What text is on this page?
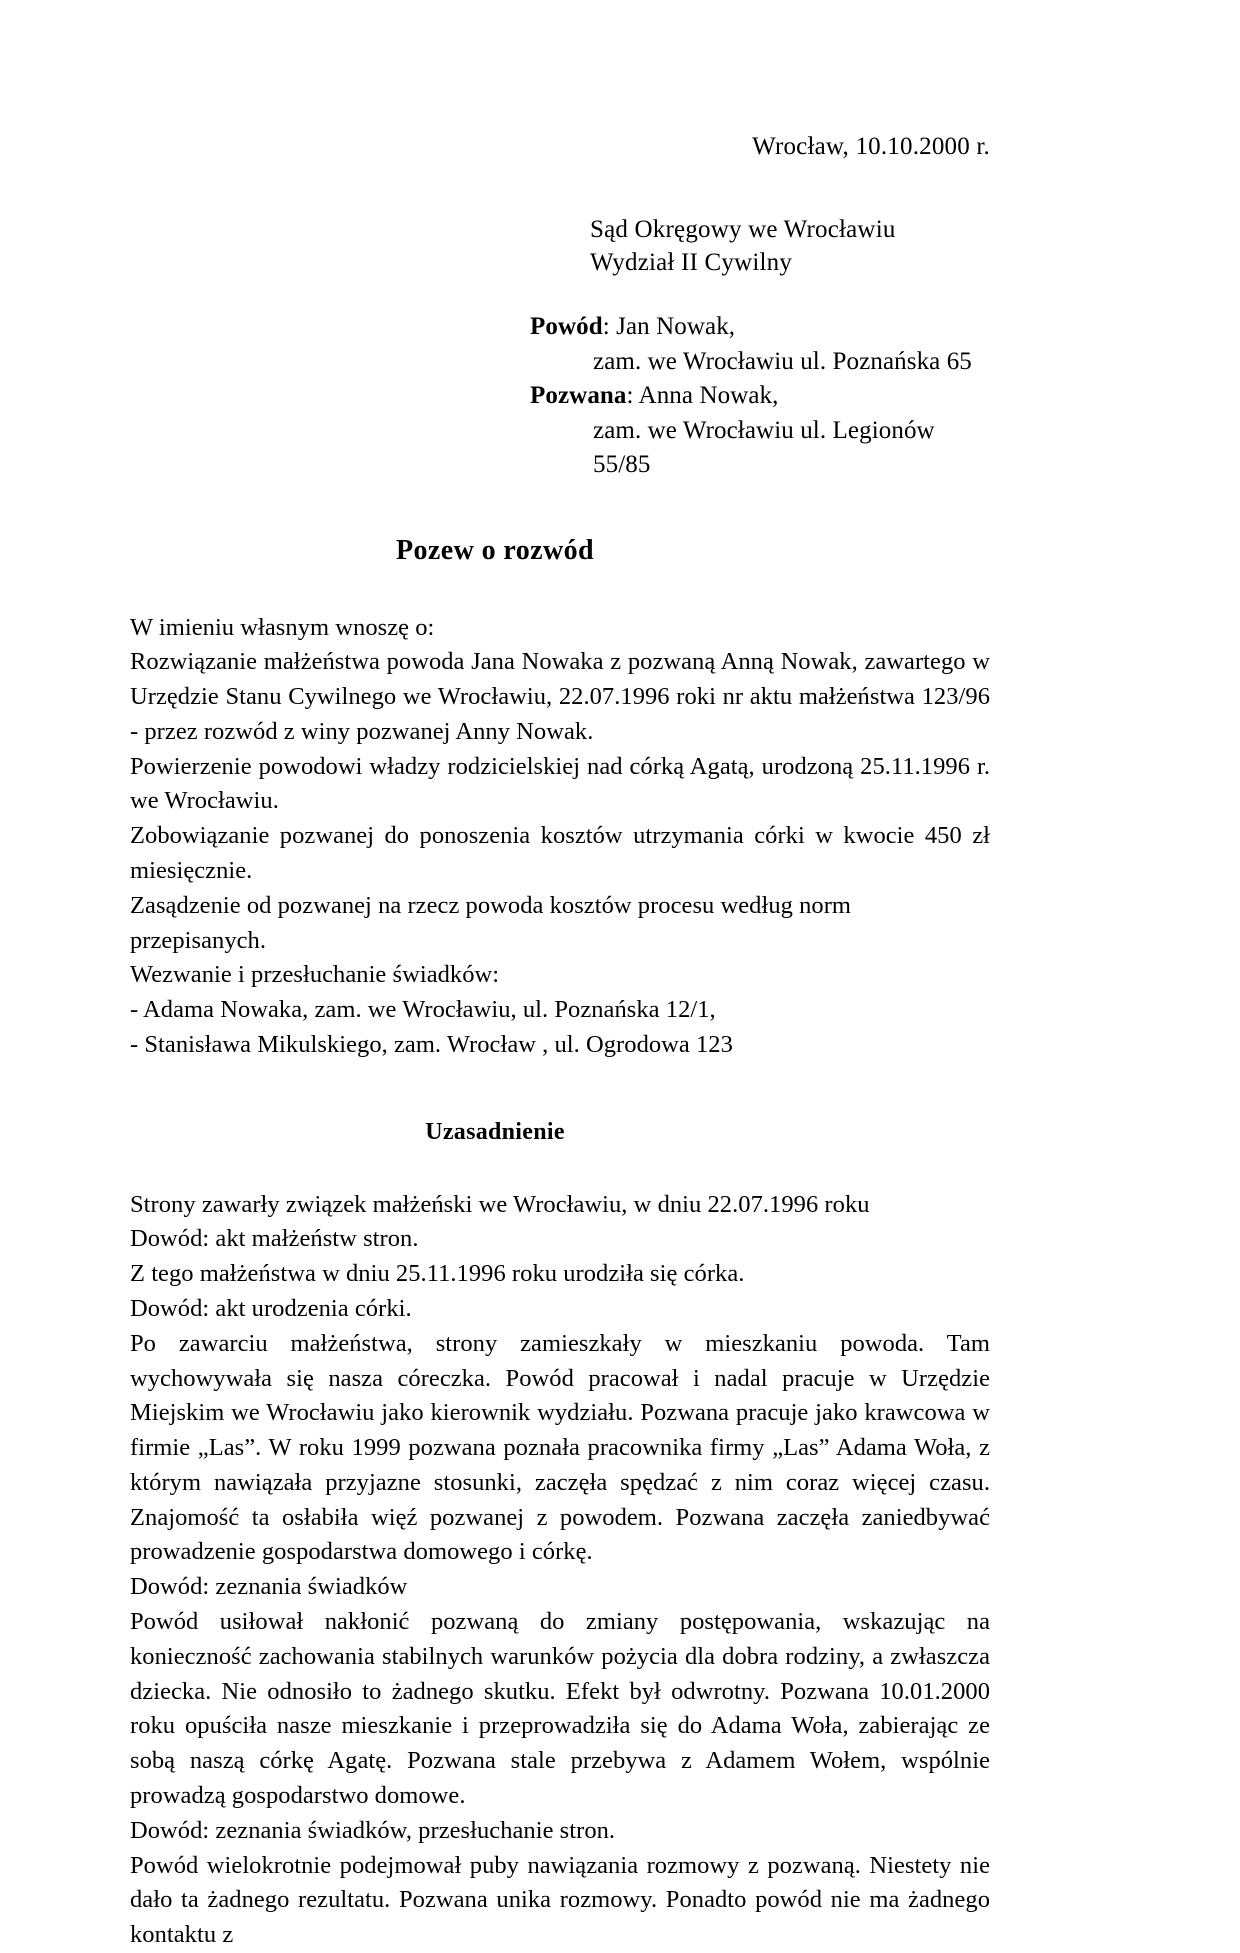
Wrocław, 10.10.2000 r.
Sąd Okręgowy we Wrocławiu
Wydział II Cywilny
Powód: Jan Nowak,
zam. we Wrocławiu ul. Poznańska 65
Pozwana: Anna Nowak,
zam. we Wrocławiu ul. Legionów 55/85
Pozew o rozwód

W imieniu własnym wnoszę o:

Rozwiązanie małżeństwa powoda Jana Nowaka z pozwaną Anną Nowak, zawartego w Urzędzie Stanu Cywilnego we Wrocławiu, 22.07.1996 roki nr aktu małżeństwa 123/96 - przez rozwód z winy pozwanej Anny Nowak.

Powierzenie powodowi władzy rodzicielskiej nad córką Agatą, urodzoną 25.11.1996 r. we Wrocławiu.

Zobowiązanie pozwanej do ponoszenia kosztów utrzymania córki w kwocie 450 zł miesięcznie.

Zasądzenie od pozwanej na rzecz powoda kosztów procesu według norm przepisanych.

Wezwanie i przesłuchanie świadków:

- Adama Nowaka, zam. we Wrocławiu, ul. Poznańska 12/1,

- Stanisława Mikulskiego, zam. Wrocław , ul. Ogrodowa 123

Uzasadnienie

Strony zawarły związek małżeński we Wrocławiu, w dniu 22.07.1996 roku

Dowód: akt małżeństw stron.

Z tego małżeństwa w dniu 25.11.1996 roku urodziła się córka.

Dowód: akt urodzenia córki.

Po zawarciu małżeństwa, strony zamieszkały w mieszkaniu powoda. Tam wychowywała się nasza córeczka. Powód pracował i nadal pracuje w Urzędzie Miejskim we Wrocławiu jako kierownik wydziału. Pozwana pracuje jako krawcowa w firmie „Las”. W roku 1999 pozwana poznała pracownika firmy „Las” Adama Woła, z którym nawiązała przyjazne stosunki, zaczęła spędzać z nim coraz więcej czasu. Znajomość ta osłabiła więź pozwanej z powodem. Pozwana zaczęła zaniedbywać prowadzenie gospodarstwa domowego i córkę.

Dowód: zeznania świadków

Powód usiłował nakłonić pozwaną do zmiany postępowania, wskazując na konieczność zachowania stabilnych warunków pożycia dla dobra rodziny, a zwłaszcza dziecka. Nie odnosiło to żadnego skutku. Efekt był odwrotny. Pozwana 10.01.2000 roku opuściła nasze mieszkanie i przeprowadziła się do Adama Woła, zabierając ze sobą naszą córkę Agatę. Pozwana stale przebywa z Adamem Wołem, wspólnie prowadzą gospodarstwo domowe.

Dowód: zeznania świadków, przesłuchanie stron.

Powód wielokrotnie podejmował puby nawiązania rozmowy z pozwaną. Niestety nie dało ta żadnego rezultatu. Pozwana unika rozmowy. Ponadto powód nie ma żadnego kontaktu z
